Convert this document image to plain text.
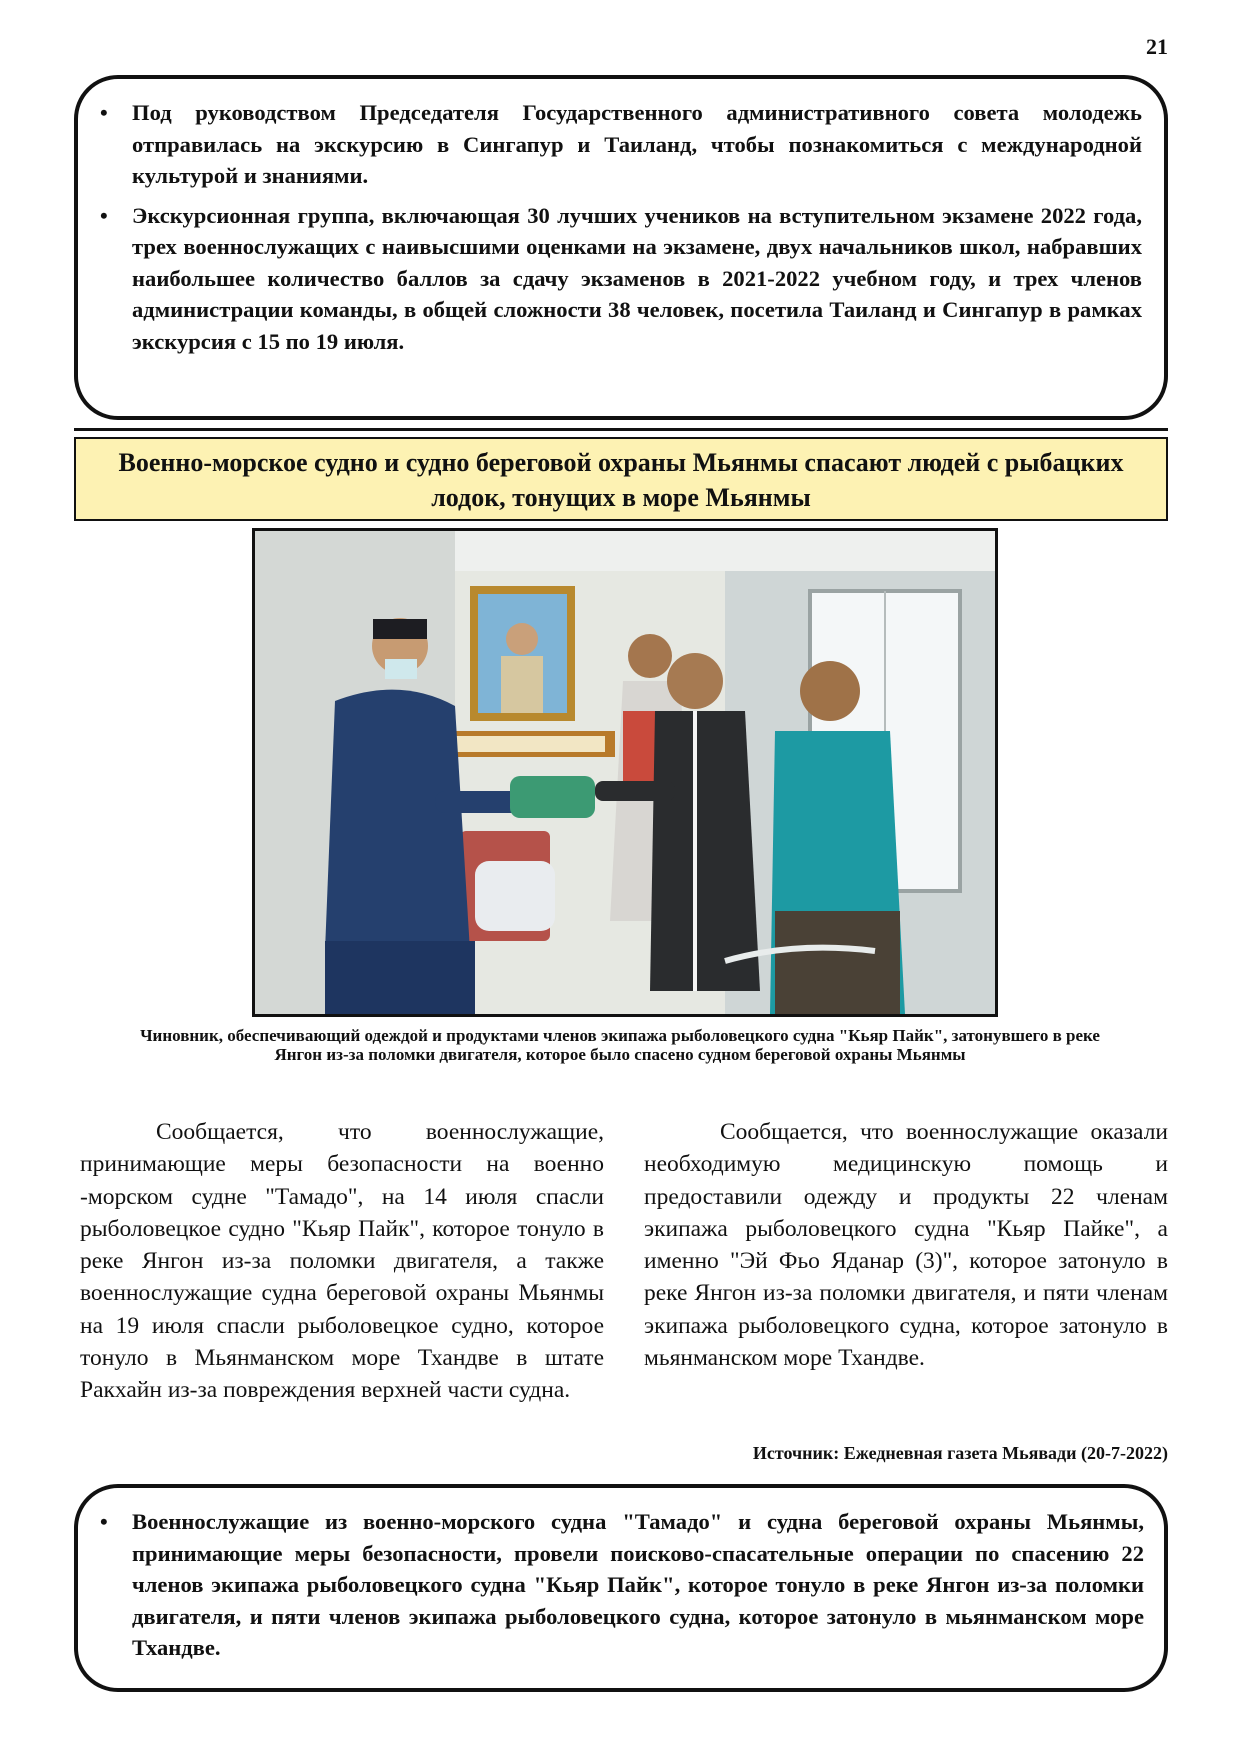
21
• Под руководством Председателя Государственного административного совета молодежь отправилась на экскурсию в Сингапур и Таиланд, чтобы познакомиться с международной культурой и знаниями.
• Экскурсионная группа, включающая 30 лучших учеников на вступительном экзамене 2022 года, трех военнослужащих с наивысшими оценками на экзамене, двух начальников школ, набравших наибольшее количество баллов за сдачу экзаменов в 2021-2022 учебном году, и трех членов администрации команды, в общей сложности 38 человек, посетила Таиланд и Сингапур в рамках экскурсия с 15 по 19 июля.
Военно-морское судно и судно береговой охраны Мьянмы спасают людей с рыбацких лодок, тонущих в море Мьянмы
Чиновник, обеспечивающий одеждой и продуктами членов экипажа рыболовецкого судна "Кьяр Пайк", затонувшего в реке Янгон из-за поломки двигателя, которое было спасено судном береговой охраны Мьянмы

Сообщается, что военнослужащие, принимающие меры безопасности на военно -морском судне "Тамадо", на 14 июля спасли рыболовецкое судно "Кьяр Пайк", которое тонуло в реке Янгон из-за поломки двигателя, а также военнослужащие судна береговой охраны Мьянмы на 19 июля спасли рыболовецкое судно, которое тонуло в Мьянманском море Тхандве в штате Ракхайн из-за повреждения верхней части судна.

Сообщается, что военнослужащие оказали необходимую медицинскую помощь и предоставили одежду и продукты 22 членам экипажа рыболовецкого судна "Кьяр Пайке", а именно "Эй Фьо Яданар (3)", которое затонуло в реке Янгон из-за поломки двигателя, и пяти членам экипажа рыболовецкого судна, которое затонуло в мьянманском море Тхандве.

Источник: Ежедневная газета Мьявади (20-7-2022)
• Военнослужащие из военно-морского судна "Тамадо" и судна береговой охраны Мьянмы, принимающие меры безопасности, провели поисково-спасательные операции по спасению 22 членов экипажа рыболовецкого судна "Кьяр Пайк", которое тонуло в реке Янгон из-за поломки двигателя, и пяти членов экипажа рыболовецкого судна, которое затонуло в мьянманском море Тхандве.
